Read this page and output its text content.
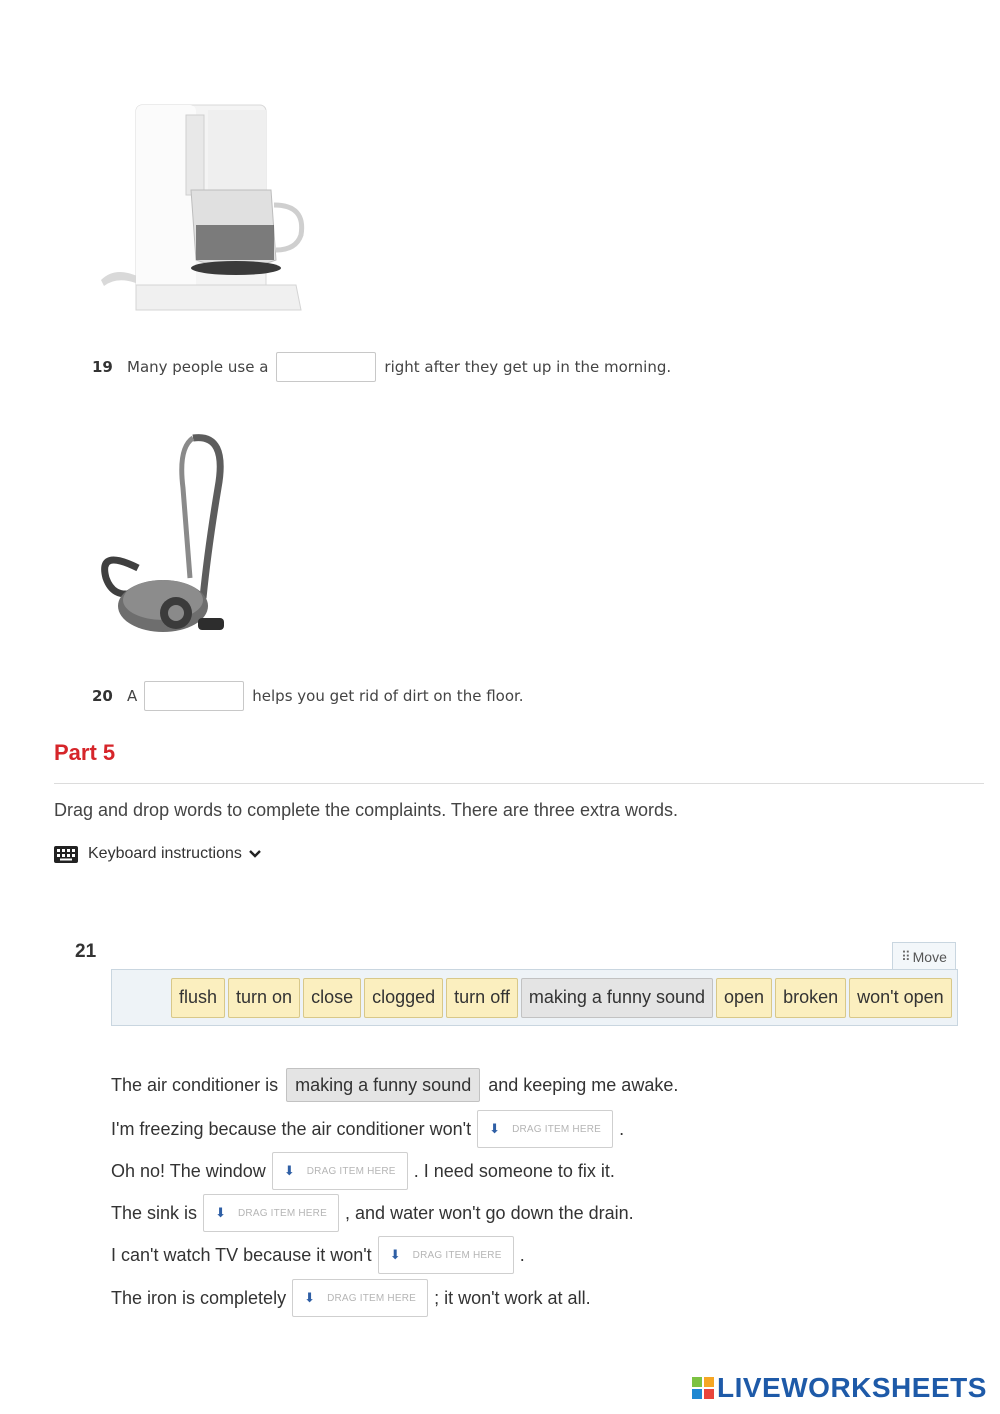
19 Many people use a	right after they get up in the morning.
20 A	helps you get rid of dirt on the floor.
Part 5
Drag and drop words to complete the complaints. There are three extra words.
Keyboard instructions
21	⠿ Move
flush	turn on	close	clogged	turn off	making a funny sound	open	broken	won't open
The air conditioner is making a funny sound and keeping me awake.
I'm freezing because the air conditioner won't ⬇ DRAG ITEM HERE .
Oh no! The window ⬇ DRAG ITEM HERE . I need someone to fix it.
The sink is ⬇ DRAG ITEM HERE , and water won't go down the drain.
I can't watch TV because it won't ⬇ DRAG ITEM HERE .
The iron is completely ⬇ DRAG ITEM HERE ; it won't work at all.
LIVEWORKSHEETS
